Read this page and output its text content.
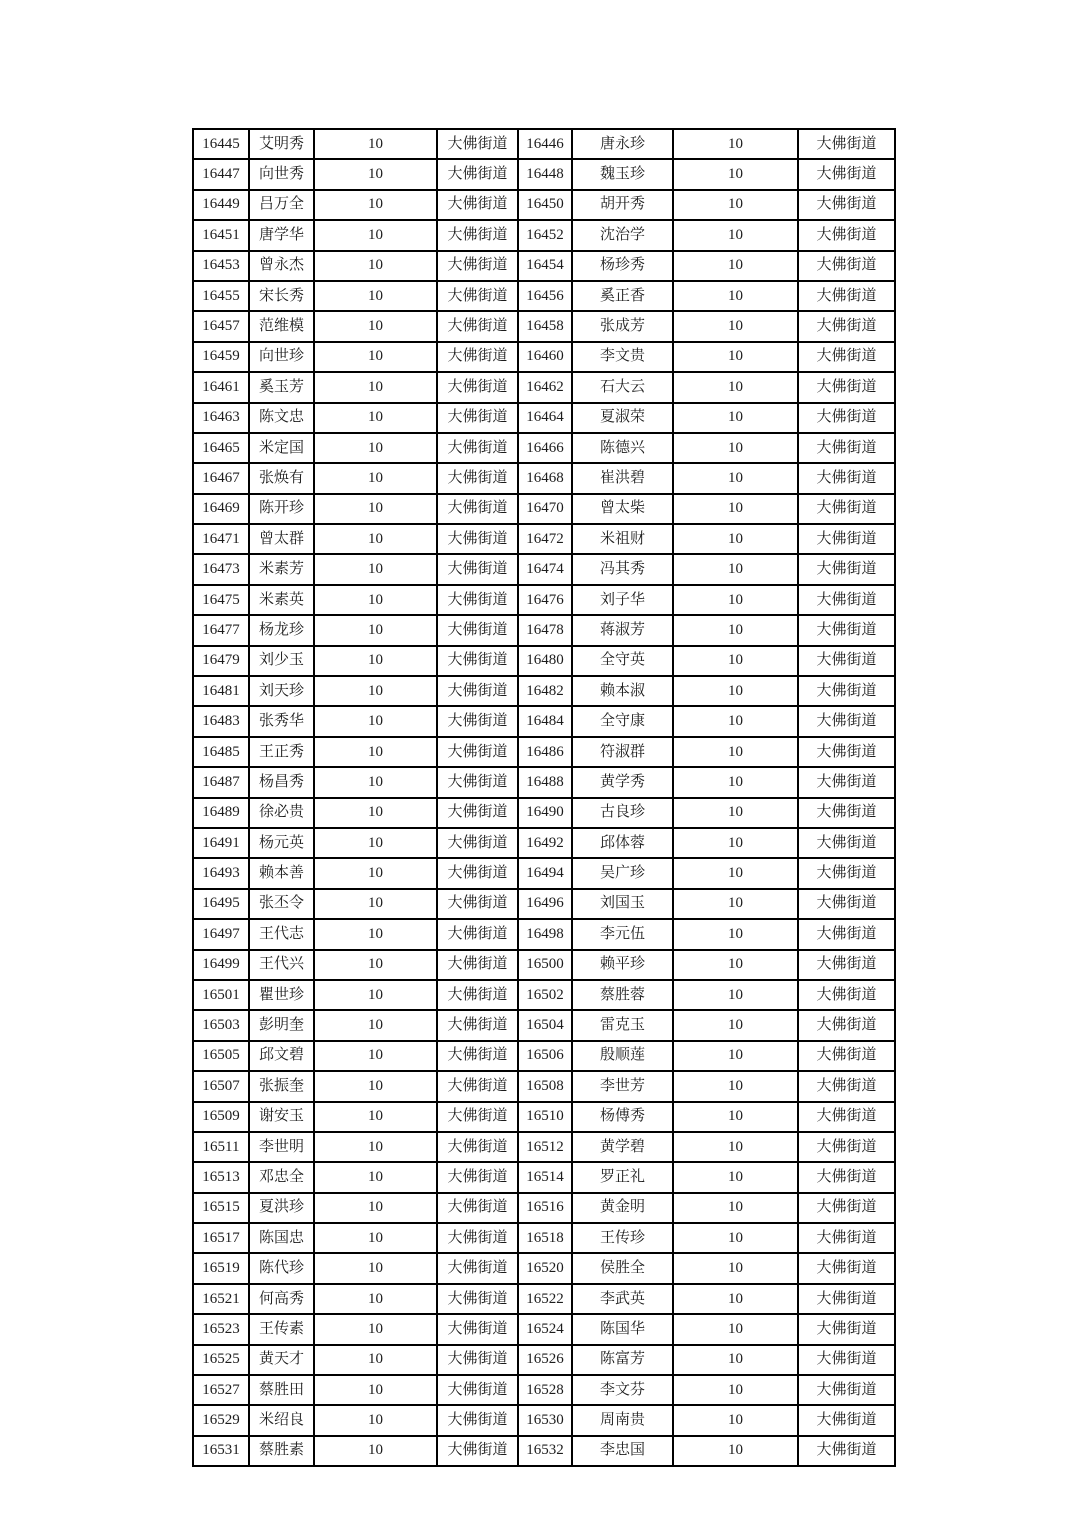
16445	艾明秀	10	大佛街道	16446	唐永珍	10	大佛街道
16447	向世秀	10	大佛街道	16448	魏玉珍	10	大佛街道
16449	吕万全	10	大佛街道	16450	胡开秀	10	大佛街道
16451	唐学华	10	大佛街道	16452	沈治学	10	大佛街道
16453	曾永杰	10	大佛街道	16454	杨珍秀	10	大佛街道
16455	宋长秀	10	大佛街道	16456	奚正香	10	大佛街道
16457	范维模	10	大佛街道	16458	张成芳	10	大佛街道
16459	向世珍	10	大佛街道	16460	李文贵	10	大佛街道
16461	奚玉芳	10	大佛街道	16462	石大云	10	大佛街道
16463	陈文忠	10	大佛街道	16464	夏淑荣	10	大佛街道
16465	米定国	10	大佛街道	16466	陈德兴	10	大佛街道
16467	张焕有	10	大佛街道	16468	崔洪碧	10	大佛街道
16469	陈开珍	10	大佛街道	16470	曾太柴	10	大佛街道
16471	曾太群	10	大佛街道	16472	米祖财	10	大佛街道
16473	米素芳	10	大佛街道	16474	冯其秀	10	大佛街道
16475	米素英	10	大佛街道	16476	刘子华	10	大佛街道
16477	杨龙珍	10	大佛街道	16478	蒋淑芳	10	大佛街道
16479	刘少玉	10	大佛街道	16480	全守英	10	大佛街道
16481	刘天珍	10	大佛街道	16482	赖本淑	10	大佛街道
16483	张秀华	10	大佛街道	16484	全守康	10	大佛街道
16485	王正秀	10	大佛街道	16486	符淑群	10	大佛街道
16487	杨昌秀	10	大佛街道	16488	黄学秀	10	大佛街道
16489	徐必贵	10	大佛街道	16490	古良珍	10	大佛街道
16491	杨元英	10	大佛街道	16492	邱体蓉	10	大佛街道
16493	赖本善	10	大佛街道	16494	吴广珍	10	大佛街道
16495	张丕令	10	大佛街道	16496	刘国玉	10	大佛街道
16497	王代志	10	大佛街道	16498	李元伍	10	大佛街道
16499	王代兴	10	大佛街道	16500	赖平珍	10	大佛街道
16501	瞿世珍	10	大佛街道	16502	蔡胜蓉	10	大佛街道
16503	彭明奎	10	大佛街道	16504	雷克玉	10	大佛街道
16505	邱文碧	10	大佛街道	16506	殷顺莲	10	大佛街道
16507	张振奎	10	大佛街道	16508	李世芳	10	大佛街道
16509	谢安玉	10	大佛街道	16510	杨傅秀	10	大佛街道
16511	李世明	10	大佛街道	16512	黄学碧	10	大佛街道
16513	邓忠全	10	大佛街道	16514	罗正礼	10	大佛街道
16515	夏洪珍	10	大佛街道	16516	黄金明	10	大佛街道
16517	陈国忠	10	大佛街道	16518	王传珍	10	大佛街道
16519	陈代珍	10	大佛街道	16520	侯胜全	10	大佛街道
16521	何高秀	10	大佛街道	16522	李武英	10	大佛街道
16523	王传素	10	大佛街道	16524	陈国华	10	大佛街道
16525	黄天才	10	大佛街道	16526	陈富芳	10	大佛街道
16527	蔡胜田	10	大佛街道	16528	李文芬	10	大佛街道
16529	米绍良	10	大佛街道	16530	周南贵	10	大佛街道
16531	蔡胜素	10	大佛街道	16532	李忠国	10	大佛街道
